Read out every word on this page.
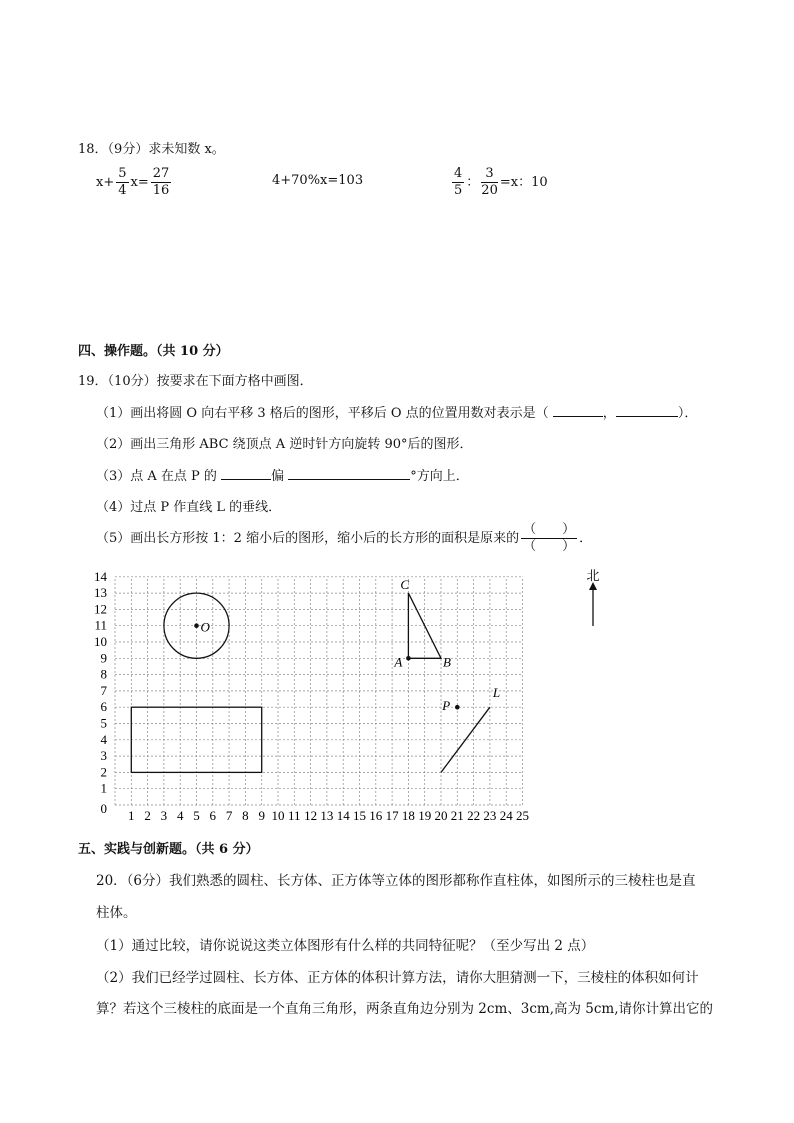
18．（9分）求未知数 x。
$x+ \frac{5}{4} x= \frac{27}{16}$	4+70%x=103	$\frac{4}{5}$ ： $\frac{3}{20} =x$：10
四、操作题。（共 10 分）
19．（10分）按要求在下面方格中画图．
（1）画出将圆 O 向右平移 3 格后的图形，平移后 O 点的位置用数对表示是（	，	）．
（2）画出三角形 ABC 绕顶点 A 逆时针方向旋转 90°后的图形．
（3）点 A 在点 P 的	偏	°方向上．
（4）过点 P 作直线 L 的垂线．
（5）画出长方形按 1：2 缩小后的图形，缩小后的长方形的面积是原来的 $\frac{( )}{( )}$ ．
1 2 3 4 5 6 7 8 9 10 11 12 13 14 15 16 17 18 19 20 21 22 23 24 25
0
1
2
3
4
5
6
7
8
9
10
11
12
13
14
O
A	B
C
P
L
北
五、实践与创新题。（共 6 分）
20．（6分）我们熟悉的圆柱、长方体、正方体等立体的图形都称作直柱体，如图所示的三棱柱也是直
柱体。
（1）通过比较，请你说说这类立体图形有什么样的共同特征呢？（至少写出 2 点）
（2）我们已经学过圆柱、长方体、正方体的体积计算方法，请你大胆猜测一下，三棱柱的体积如何计
算？若这个三棱柱的底面是一个直角三角形，两条直角边分别为 2cm、3cm,高为 5cm,请你计算出它的
